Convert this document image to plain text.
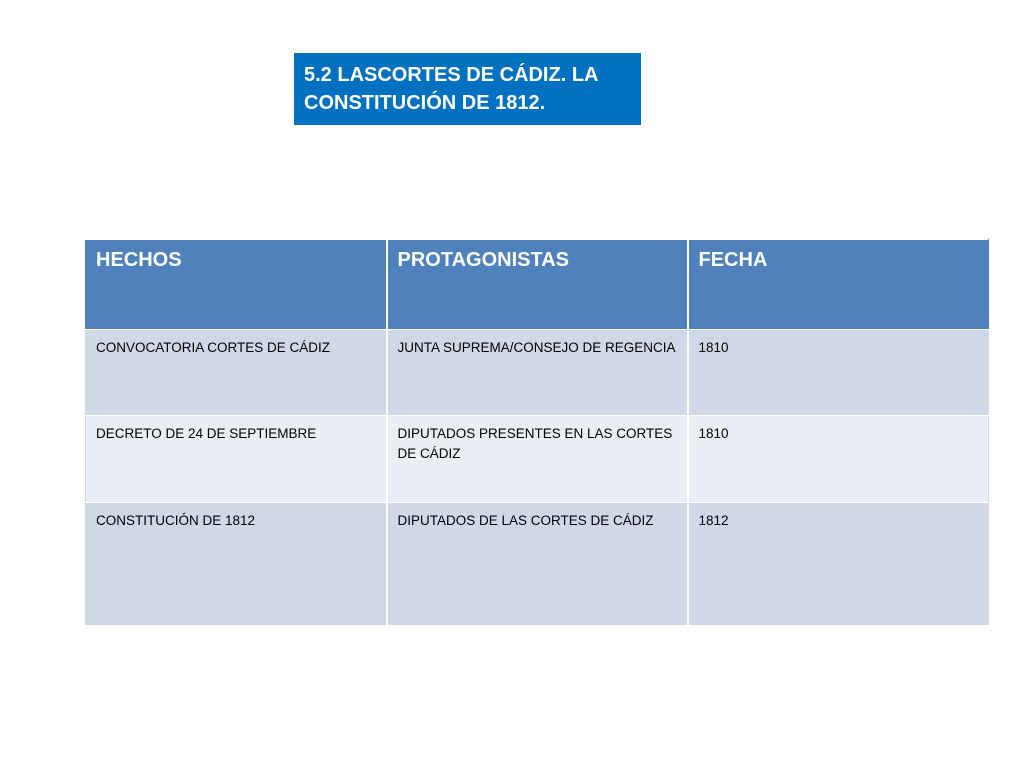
5.2 LASCORTES DE CÁDIZ. LA
CONSTITUCIÓN DE 1812.
HECHOS	PROTAGONISTAS	FECHA
CONVOCATORIA CORTES DE CÁDIZ	JUNTA SUPREMA/CONSEJO DE REGENCIA	1810
DECRETO DE 24 DE SEPTIEMBRE	DIPUTADOS PRESENTES EN LAS CORTES DE CÁDIZ	1810
CONSTITUCIÓN DE 1812	DIPUTADOS DE LAS CORTES DE CÁDIZ	1812
